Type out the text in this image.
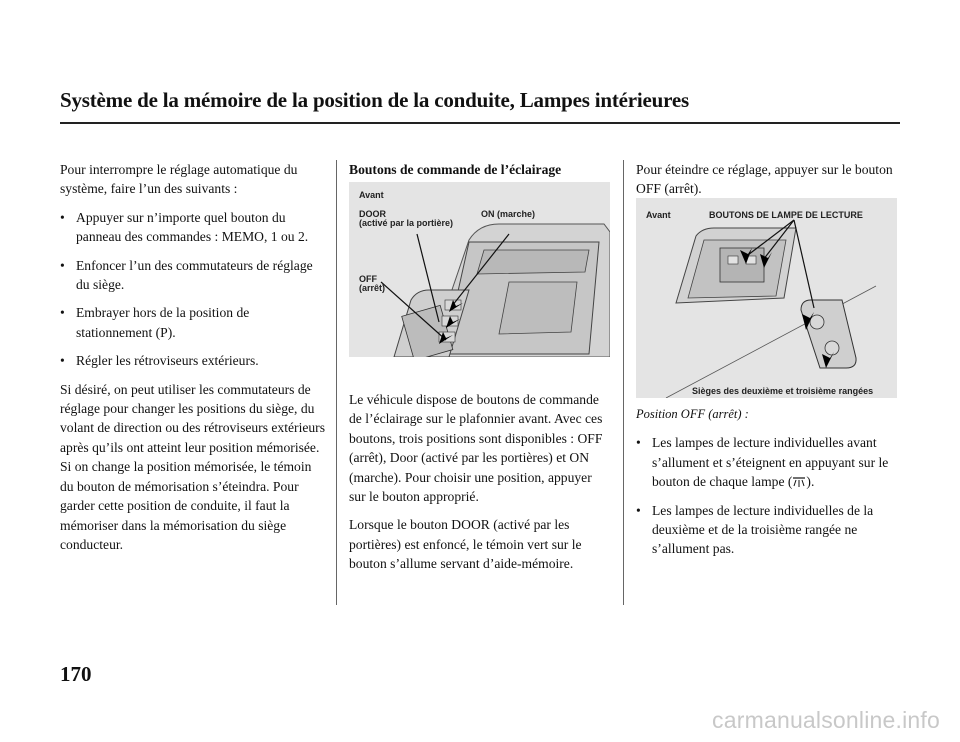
Système de la mémoire de la position de la conduite, Lampes intérieures

Pour interrompre le réglage automatique du système, faire l’un des suivants :

• Appuyer sur n’importe quel bouton du panneau des commandes : MEMO, 1 ou 2.
• Enfoncer l’un des commutateurs de réglage du siège.
• Embrayer hors de la position de stationnement (P).
• Régler les rétroviseurs extérieurs.

Si désiré, on peut utiliser les commutateurs de réglage pour changer les positions du siège, du volant de direction ou des rétroviseurs extérieurs après qu’ils ont atteint leur position mémorisée. Si on change la position mémorisée, le témoin du bouton de mémorisation s’éteindra. Pour garder cette position de conduite, il faut la mémoriser dans la mémorisation du siège conducteur.

Boutons de commande de l’éclairage

Avant
DOOR
(activé par la portière)
ON (marche)
OFF
(arrêt)

Le véhicule dispose de boutons de commande de l’éclairage sur le plafonnier avant. Avec ces boutons, trois positions sont disponibles : OFF (arrêt), Door (activé par les portières) et ON (marche). Pour choisir une position, appuyer sur le bouton approprié.

Lorsque le bouton DOOR (activé par les portières) est enfoncé, le témoin vert sur le bouton s’allume servant d’aide-mémoire.

Pour éteindre ce réglage, appuyer sur le bouton OFF (arrêt).

Avant	BOUTONS DE LAMPE DE LECTURE
Sièges des deuxième et troisième rangées

Position OFF (arrêt) :

• Les lampes de lecture individuelles avant s’allument et s’éteignent en appuyant sur le bouton de chaque lampe ( ).
• Les lampes de lecture individuelles de la deuxième et de la troisième rangée ne s’allument pas.
170
carmanualsonline.info
